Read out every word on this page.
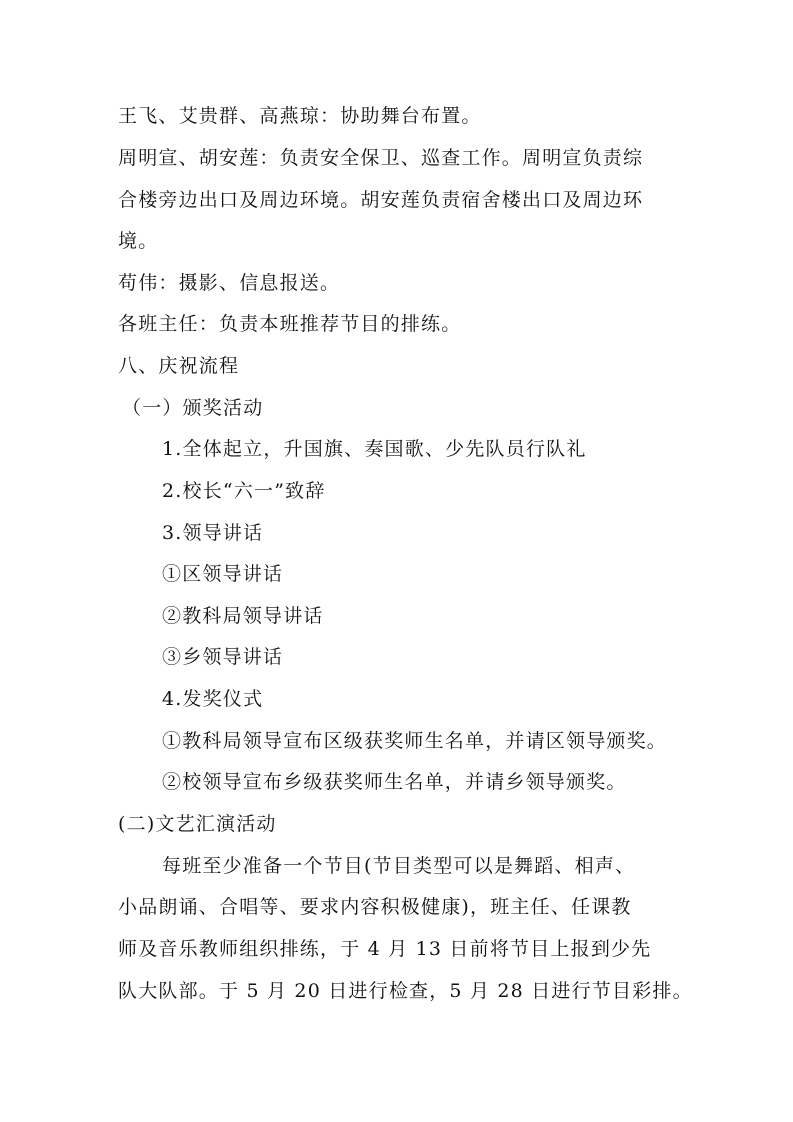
王飞、艾贵群、高燕琼：协助舞台布置。
周明宣、胡安莲：负责安全保卫、巡查工作。周明宣负责综
合楼旁边出口及周边环境。胡安莲负责宿舍楼出口及周边环
境。
苟伟：摄影、信息报送。
各班主任：负责本班推荐节目的排练。
八、庆祝流程
（一）颁奖活动
1.全体起立，升国旗、奏国歌、少先队员行队礼
2.校长“六一”致辞
3.领导讲话
①区领导讲话
②教科局领导讲话
③乡领导讲话
4.发奖仪式
①教科局领导宣布区级获奖师生名单，并请区领导颁奖。
②校领导宣布乡级获奖师生名单，并请乡领导颁奖。
(二)文艺汇演活动
每班至少准备一个节目(节目类型可以是舞蹈、相声、
小品朗诵、合唱等、要求内容积极健康)，班主任、任课教
师及音乐教师组织排练，于 4 月 13 日前将节目上报到少先
队大队部。于 5 月 20 日进行检查，5 月 28 日进行节目彩排。
